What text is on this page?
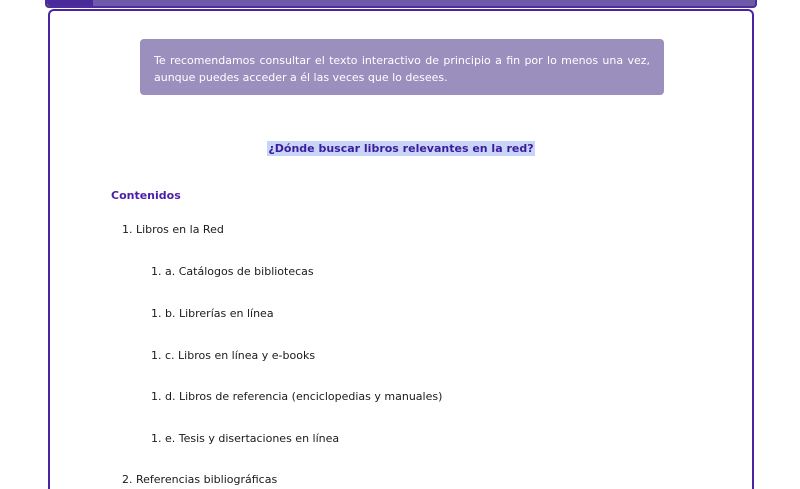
Te recomendamos consultar el texto interactivo de principio a fin por lo menos una vez, aunque puedes acceder a él las veces que lo desees.
¿Dónde buscar libros relevantes en la red?
Contenidos
1. Libros en la Red
1. a. Catálogos de bibliotecas
1. b. Librerías en línea
1. c. Libros en línea y e-books
1. d. Libros de referencia (enciclopedias y manuales)
1. e. Tesis y disertaciones en línea
2. Referencias bibliográficas
